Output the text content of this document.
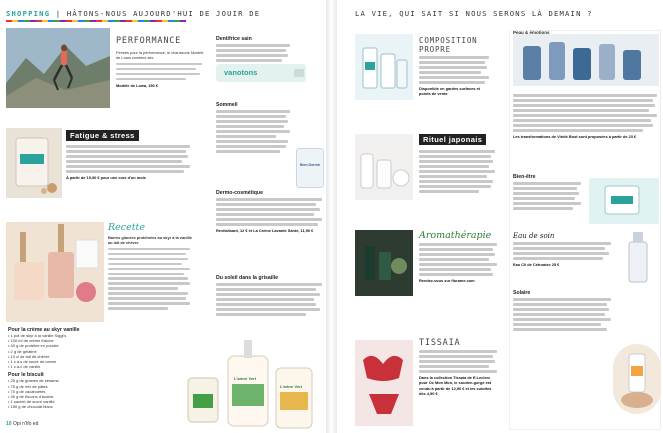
SHOPPING | HÂTONS-NOUS AUJOURD'HUI DE JOUIR DE
PERFORMANCE
Pensés pour la performance, le chaussons Modele de Lowa combine séc
Modèle de Lowa, 150 €
Fatigue & stress
À partir de 19,90 € pour une cure d'un mois
Recette
Barres glacées protéinées au skyr à la vanille au lait de chèvre
Pour la crème au skyr vanille
• 1 pot de skyr à la vanille Siggi's
• 100 ml de crème fraîche
• 40 g de protéine en poudre
• 2 g de gélatine
• 10 cl de lait de chèvre
• 1 c.à.s de sucre de canne
• 1 c.à.c de vanille
Pour le biscuit
• 25 g de graines de sésame
• 75 g de mix de pâtes
• 70 g de cacahuètes
• 30 g de flocons d'avoine
• 1 sachet de sucre vanillé
• 150 g de chocolat blanc
Dentifrice sain
vanotons
Sommeil
Bien Dormir
Dermo-cosmétique
Revitalisant, 12 € et La Crème Lavante Santé, 11,90 €
Du soleil dans la grisaille
L'arbre Vert
L'arbre Vert
10 Opi n'Ifo ed
LA VIE, QUI SAIT SI NOUS SERONS LÀ DEMAIN ?
COMPOSITION PROPRE
Disponible en gardes surfaces et points de vente
Rituel japonais
Aromathérapie
Rendez-vous sur florame.com
TISSAIA
Dans la collection Tissaia de E.Leclerc pour Oc Mon Mon, le soutien-gorge est vendu à partir de 12,90 € et les culottes dès 4,90 €
Peau & émotions
Les transformations de Viridé Bost sont proposées à partir de 23 €
Bien-être
Eau de soin
Eau Cil de Cétruaise 25 €
Solaire
